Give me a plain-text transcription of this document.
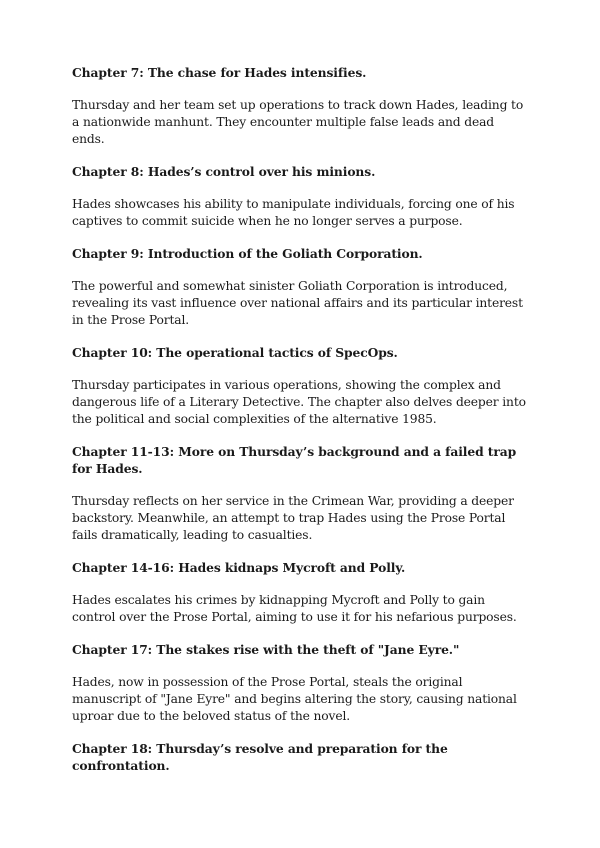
Chapter 7: The chase for Hades intensifies.

Thursday and her team set up operations to track down Hades, leading to a nationwide manhunt. They encounter multiple false leads and dead ends.

Chapter 8: Hades’s control over his minions.

Hades showcases his ability to manipulate individuals, forcing one of his captives to commit suicide when he no longer serves a purpose.

Chapter 9: Introduction of the Goliath Corporation.

The powerful and somewhat sinister Goliath Corporation is introduced, revealing its vast influence over national affairs and its particular interest in the Prose Portal.

Chapter 10: The operational tactics of SpecOps.

Thursday participates in various operations, showing the complex and dangerous life of a Literary Detective. The chapter also delves deeper into the political and social complexities of the alternative 1985.

Chapter 11-13: More on Thursday’s background and a failed trap for Hades.

Thursday reflects on her service in the Crimean War, providing a deeper backstory. Meanwhile, an attempt to trap Hades using the Prose Portal fails dramatically, leading to casualties.

Chapter 14-16: Hades kidnaps Mycroft and Polly.

Hades escalates his crimes by kidnapping Mycroft and Polly to gain control over the Prose Portal, aiming to use it for his nefarious purposes.

Chapter 17: The stakes rise with the theft of "Jane Eyre."

Hades, now in possession of the Prose Portal, steals the original manuscript of "Jane Eyre" and begins altering the story, causing national uproar due to the beloved status of the novel.

Chapter 18: Thursday’s resolve and preparation for the confrontation.
